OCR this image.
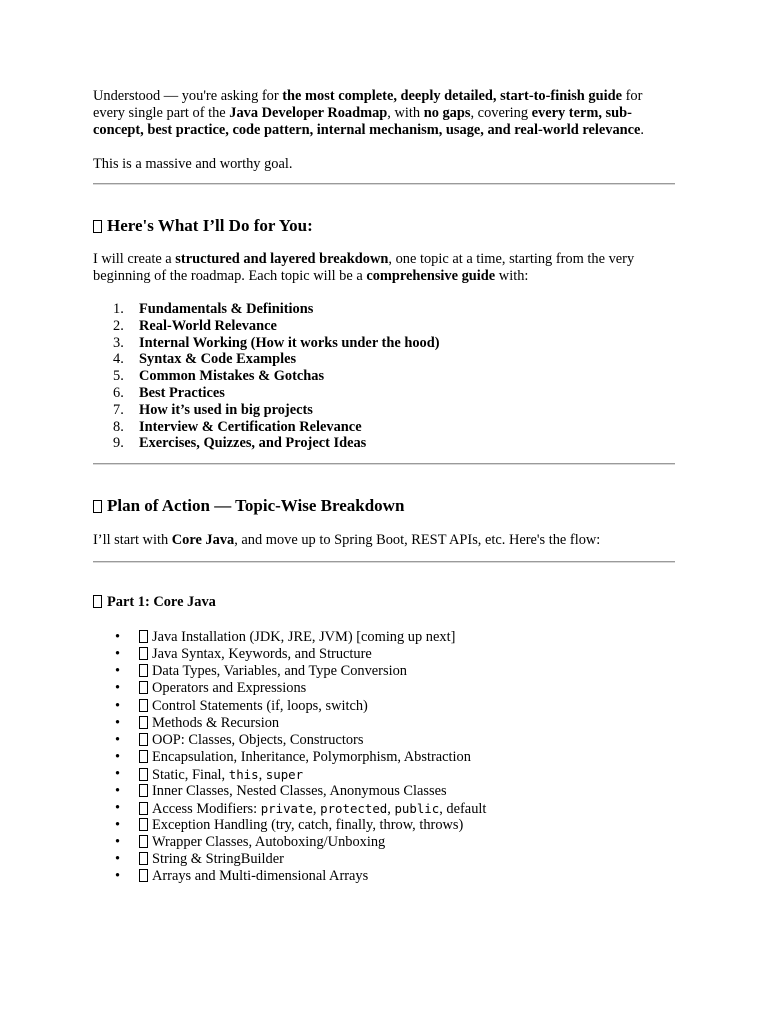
Understood — you're asking for the most complete, deeply detailed, start-to-finish guide for every single part of the Java Developer Roadmap, with no gaps, covering every term, sub-concept, best practice, code pattern, internal mechanism, usage, and real-world relevance.

This is a massive and worthy goal.

Here's What I’ll Do for You:

I will create a structured and layered breakdown, one topic at a time, starting from the very beginning of the roadmap. Each topic will be a comprehensive guide with:

1. Fundamentals & Definitions
2. Real-World Relevance
3. Internal Working (How it works under the hood)
4. Syntax & Code Examples
5. Common Mistakes & Gotchas
6. Best Practices
7. How it’s used in big projects
8. Interview & Certification Relevance
9. Exercises, Quizzes, and Project Ideas
Plan of Action — Topic-Wise Breakdown

I’ll start with Core Java, and move up to Spring Boot, REST APIs, etc. Here's the flow:

Part 1: Core Java
• Java Installation (JDK, JRE, JVM) [coming up next]
• Java Syntax, Keywords, and Structure
• Data Types, Variables, and Type Conversion
• Operators and Expressions
• Control Statements (if, loops, switch)
• Methods & Recursion
• OOP: Classes, Objects, Constructors
• Encapsulation, Inheritance, Polymorphism, Abstraction
• Static, Final, this, super
• Inner Classes, Nested Classes, Anonymous Classes
• Access Modifiers: private, protected, public, default
• Exception Handling (try, catch, finally, throw, throws)
• Wrapper Classes, Autoboxing/Unboxing
• String & StringBuilder
• Arrays and Multi-dimensional Arrays
